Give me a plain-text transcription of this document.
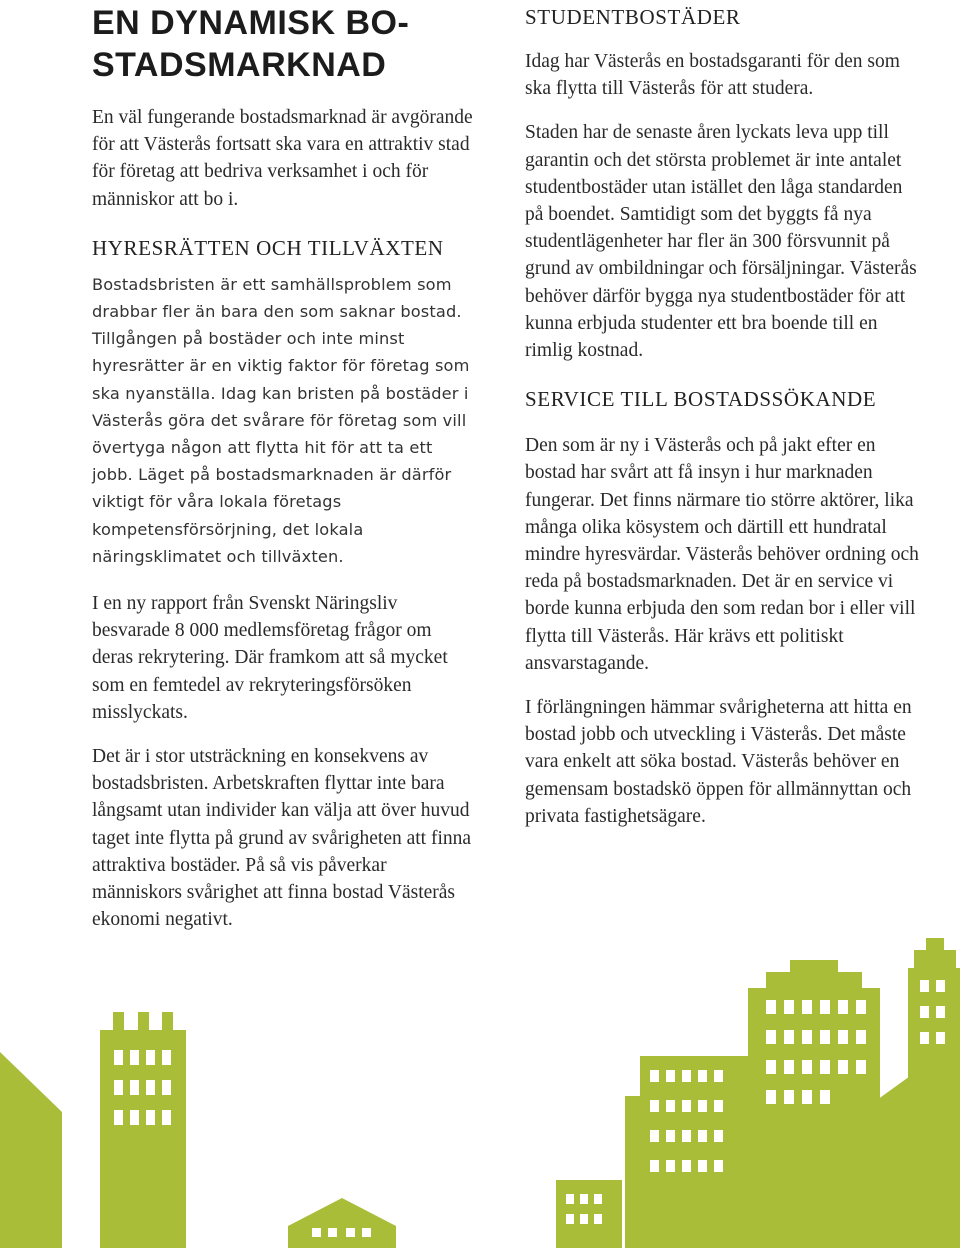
EN DYNAMISK BO-
STADSMARKNAD

En väl fungerande bostadsmarknad är avgörande för att Västerås fortsatt ska vara en attraktiv stad för företag att bedriva verksamhet i och för människor att bo i.

HYRESRÄTTEN OCH TILLVÄXTEN

Bostadsbristen är ett samhällsproblem som drabbar fler än bara den som saknar bostad. Tillgången på bostäder och inte minst hyresrätter är en viktig faktor för företag som ska nyanställa. Idag kan bristen på bostäder i Västerås göra det svårare för företag som vill övertyga någon att flytta hit för att ta ett jobb. Läget på bostadsmarknaden är därför viktigt för våra lokala företags kompetensförsörjning, det lokala näringsklimatet och tillväxten.

I en ny rapport från Svenskt Näringsliv besvarade 8 000 medlemsföretag frågor om deras rekrytering. Där framkom att så mycket som en femtedel av rekryteringsförsöken misslyckats.

Det är i stor utsträckning en konsekvens av bostadsbristen. Arbetskraften flyttar inte bara långsamt utan individer kan välja att över huvud taget inte flytta på grund av svårigheten att finna attraktiva bostäder. På så vis påverkar människors svårighet att finna bostad Västerås ekonomi negativt.

STUDENTBOSTÄDER

Idag har Västerås en bostadsgaranti för den som ska flytta till Västerås för att studera.

Staden har de senaste åren lyckats leva upp till garantin och det största problemet är inte antalet studentbostäder utan istället den låga standarden på boendet. Samtidigt som det byggts få nya studentlägenheter har fler än 300 försvunnit på grund av ombildningar och försäljningar. Västerås behöver därför bygga nya studentbostäder för att kunna erbjuda studenter ett bra boende till en rimlig kostnad.

SERVICE TILL BOSTADSSÖKANDE

Den som är ny i Västerås och på jakt efter en bostad har svårt att få insyn i hur marknaden fungerar. Det finns närmare tio större aktörer, lika många olika kösystem och därtill ett hundratal mindre hyresvärdar. Västerås behöver ordning och reda på bostadsmarknaden. Det är en service vi borde kunna erbjuda den som redan bor i eller vill flytta till Västerås. Här krävs ett politiskt ansvarstagande.

I förlängningen hämmar svårigheterna att hitta en bostad jobb och utveckling i Västerås. Det måste vara enkelt att söka bostad. Västerås behöver en gemensam bostadskö öppen för allmännyttan och privata fastighetsägare.
